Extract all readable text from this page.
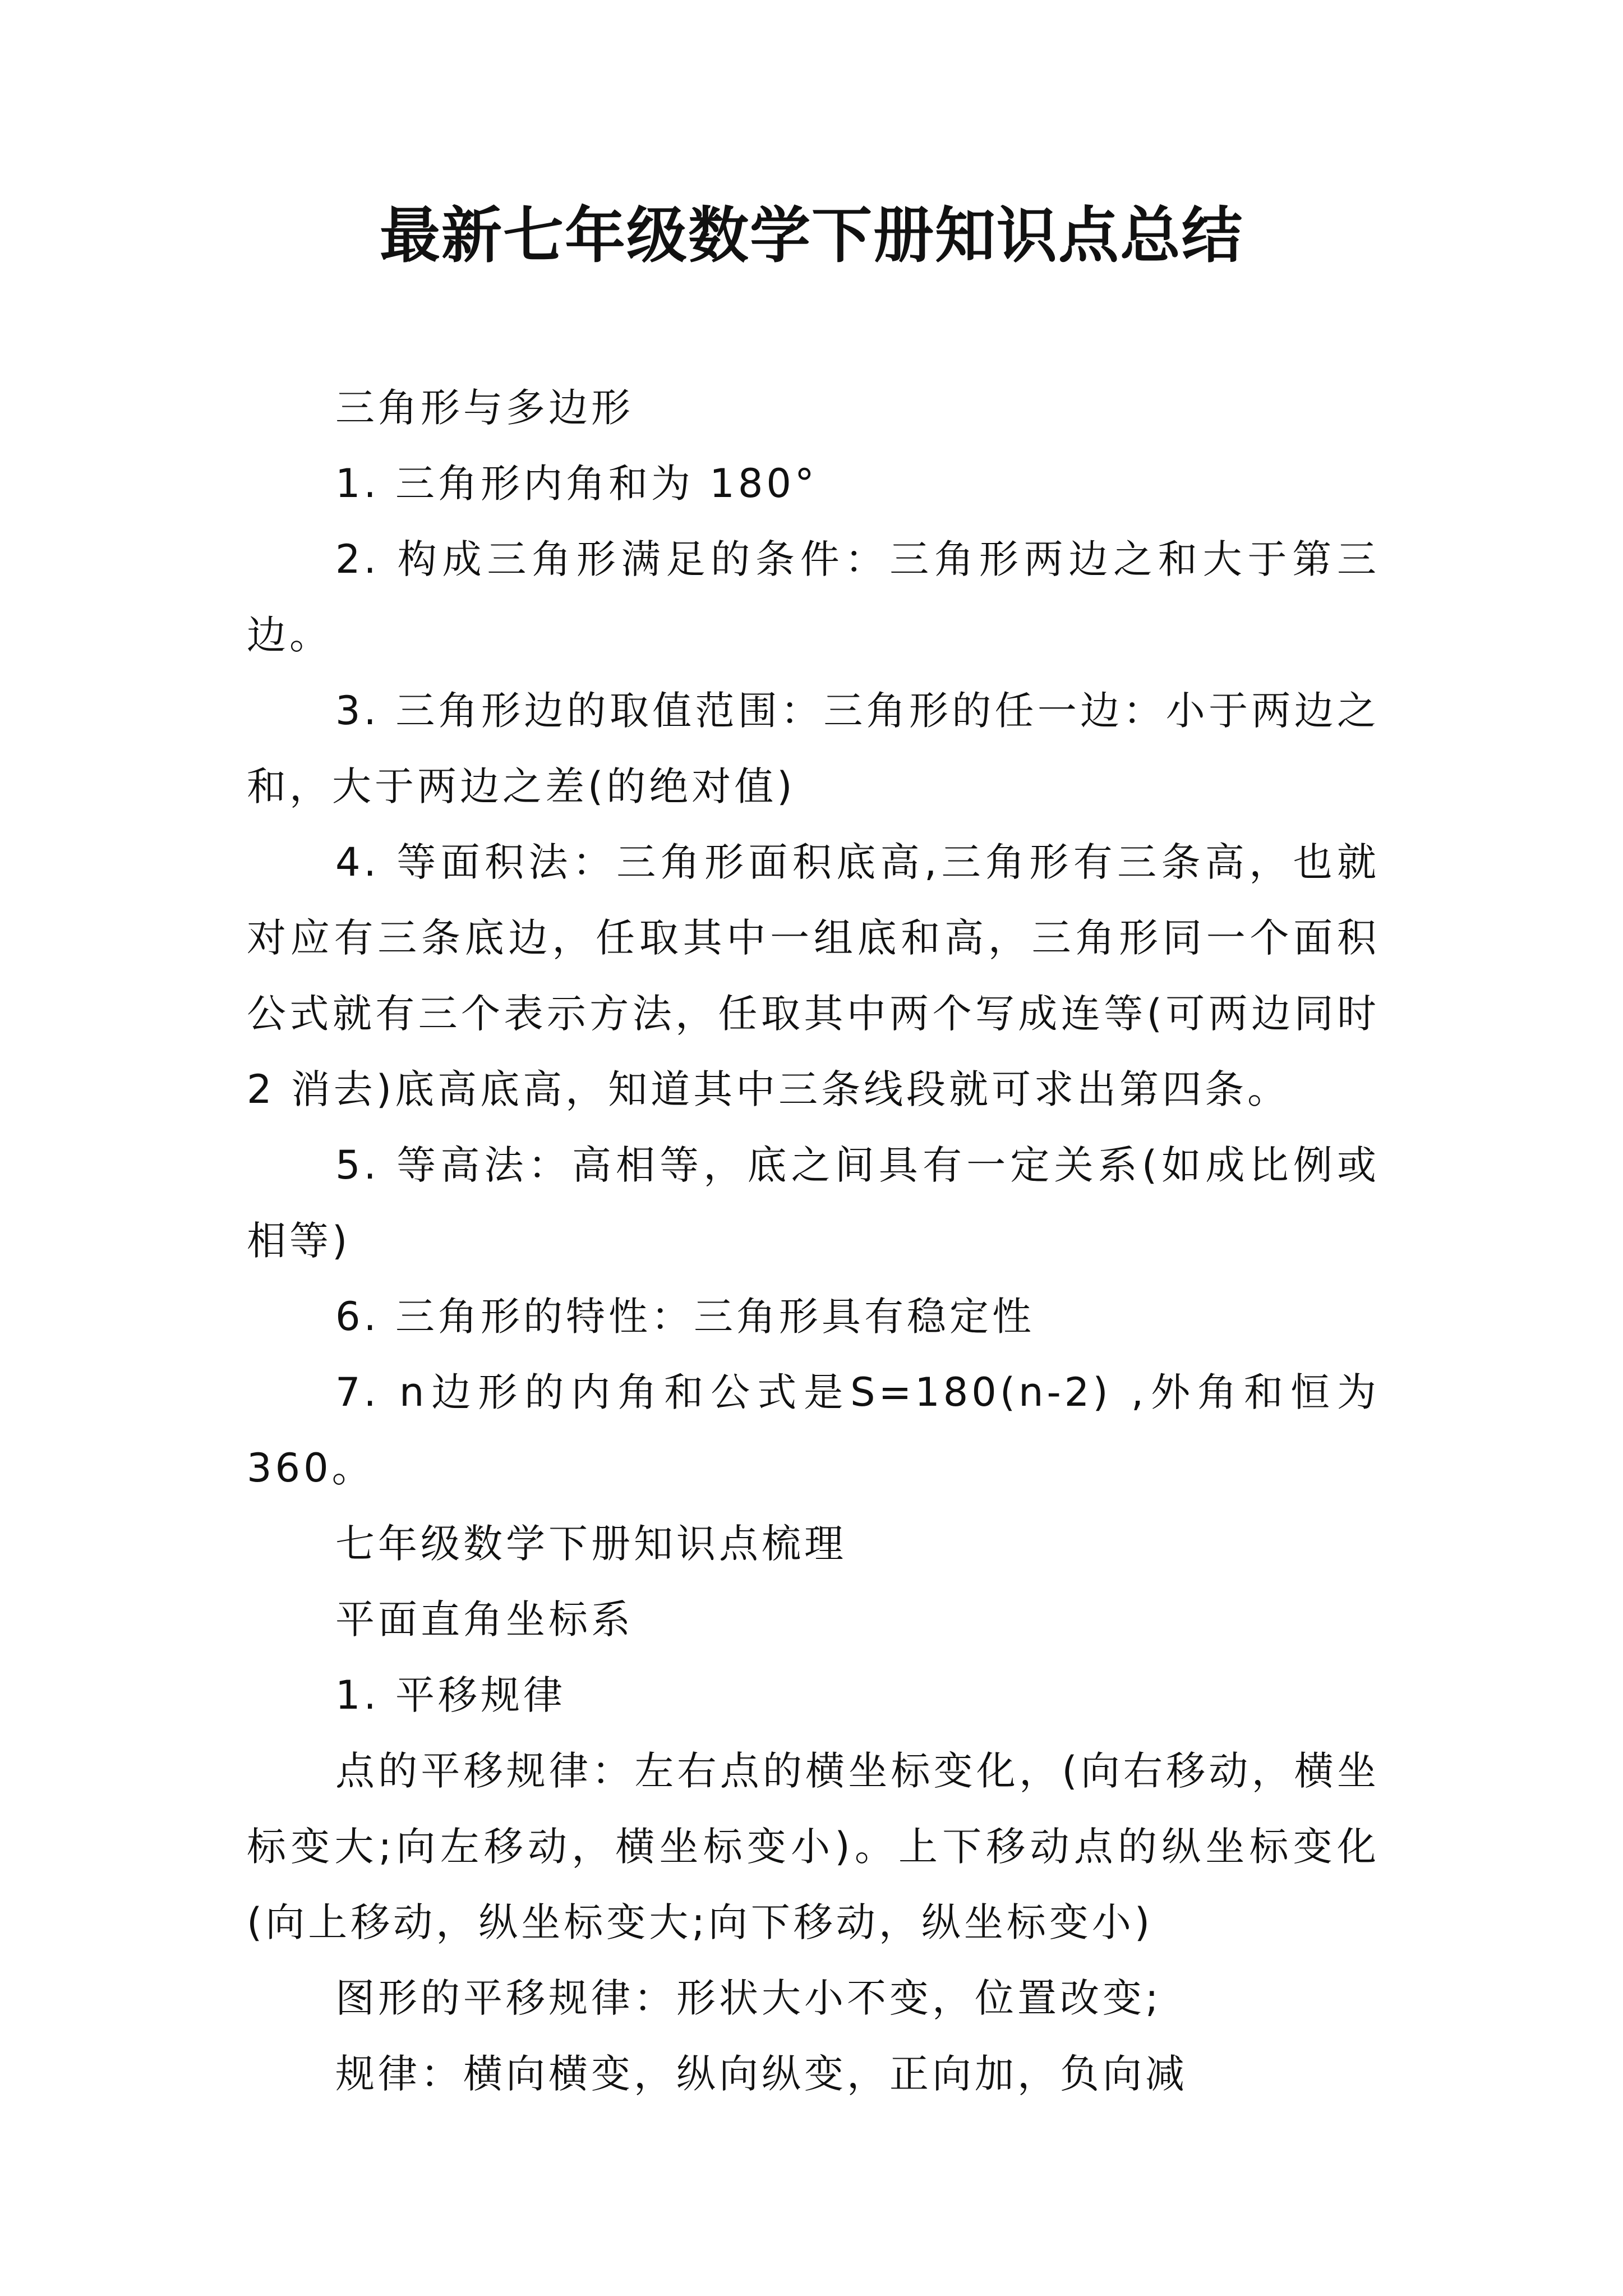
最新七年级数学下册知识点总结

三角形与多边形

1. 三角形内角和为 180°

2. 构成三角形满足的条件：三角形两边之和大于第三边。

3. 三角形边的取值范围：三角形的任一边：小于两边之和，大于两边之差(的绝对值)

4. 等面积法：三角形面积底高,三角形有三条高，也就对应有三条底边，任取其中一组底和高，三角形同一个面积公式就有三个表示方法，任取其中两个写成连等(可两边同时 2 消去)底高底高，知道其中三条线段就可求出第四条。

5. 等高法：高相等，底之间具有一定关系(如成比例或相等)

6. 三角形的特性：三角形具有稳定性

7. n边形的内角和公式是S=180(n-2) ,外角和恒为360。

七年级数学下册知识点梳理

平面直角坐标系

1. 平移规律

点的平移规律：左右点的横坐标变化，(向右移动，横坐标变大;向左移动，横坐标变小)。上下移动点的纵坐标变化(向上移动，纵坐标变大;向下移动，纵坐标变小)

图形的平移规律：形状大小不变，位置改变;

规律：横向横变，纵向纵变，正向加，负向减
